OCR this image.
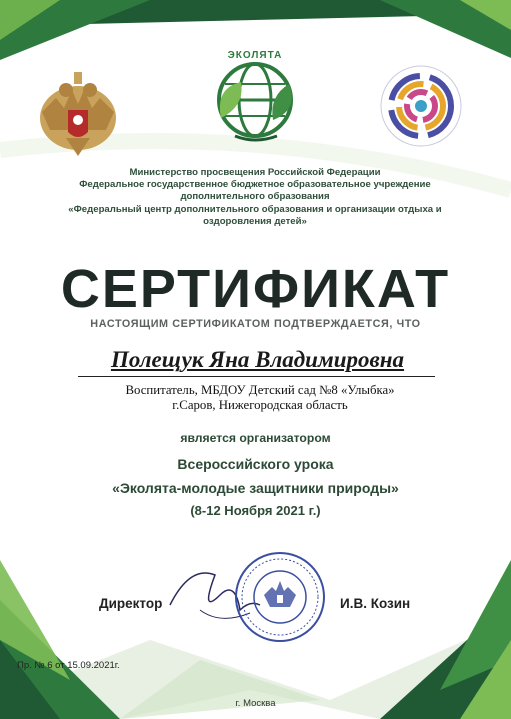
ЭКОЛЯТА
Министерство просвещения Российской Федерации
Федеральное государственное бюджетное образовательное учреждение
дополнительного образования
«Федеральный центр дополнительного образования и организации отдыха и
оздоровления детей»
СЕРТИФИКАТ
НАСТОЯЩИМ СЕРТИФИКАТОМ ПОДТВЕРЖДАЕТСЯ, ЧТО
Полещук Яна Владимировна
Воспитатель, МБДОУ Детский сад №8 «Улыбка»
г.Саров, Нижегородская область
является организатором
Всероссийского урока
«Эколята-молодые защитники природы»
(8-12 Ноября 2021 г.)
Директор	И.В. Козин
Пр. № 6 от 15.09.2021г.
г. Москва
